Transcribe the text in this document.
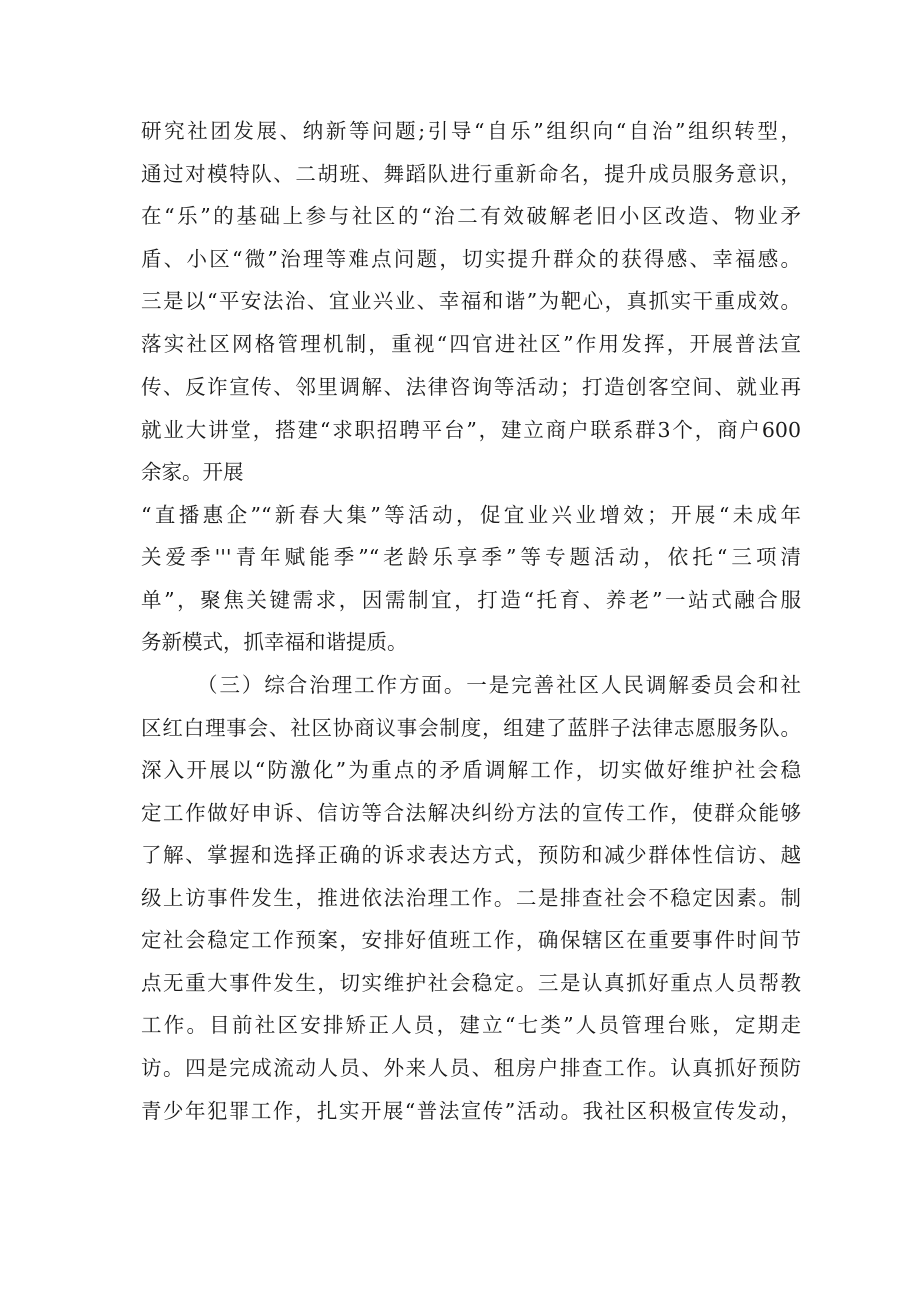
研究社团发展、纳新等问题;引导“自乐”组织向“自治”组织转型，
通过对模特队、二胡班、舞蹈队进行重新命名，提升成员服务意识，
在“乐”的基础上参与社区的“治二有效破解老旧小区改造、物业矛
盾、小区“微”治理等难点问题，切实提升群众的获得感、幸福感。
三是以“平安法治、宜业兴业、幸福和谐”为靶心，真抓实干重成效。
落实社区网格管理机制，重视“四官进社区”作用发挥，开展普法宣
传、反诈宣传、邻里调解、法律咨询等活动；打造创客空间、就业再
就业大讲堂，搭建“求职招聘平台”，建立商户联系群3个，商户600
余家。开展
“直播惠企”“新春大集”等活动，促宜业兴业增效；开展“未成年
关爱季'''青年赋能季”“老龄乐享季”等专题活动，依托“三项清
单”，聚焦关键需求，因需制宜，打造“托育、养老”一站式融合服
务新模式，抓幸福和谐提质。
（三）综合治理工作方面。一是完善社区人民调解委员会和社
区红白理事会、社区协商议事会制度，组建了蓝胖子法律志愿服务队。
深入开展以“防激化”为重点的矛盾调解工作，切实做好维护社会稳
定工作做好申诉、信访等合法解决纠纷方法的宣传工作，使群众能够
了解、掌握和选择正确的诉求表达方式，预防和减少群体性信访、越
级上访事件发生，推进依法治理工作。二是排查社会不稳定因素。制
定社会稳定工作预案，安排好值班工作，确保辖区在重要事件时间节
点无重大事件发生，切实维护社会稳定。三是认真抓好重点人员帮教
工作。目前社区安排矫正人员，建立“七类”人员管理台账，定期走
访。四是完成流动人员、外来人员、租房户排查工作。认真抓好预防
青少年犯罪工作，扎实开展“普法宣传”活动。我社区积极宣传发动，
